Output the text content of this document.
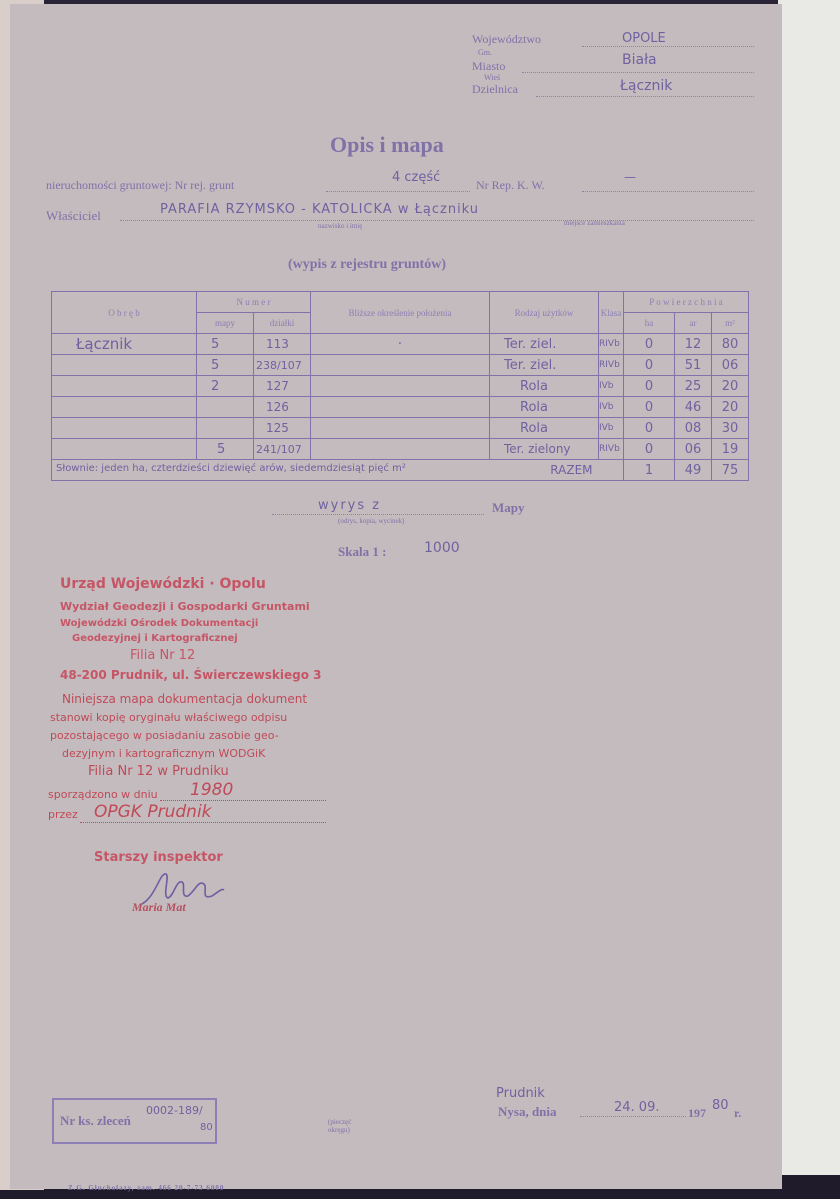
Województwo	OPOLE
Gm.
Miasto	Biała
Wieś
Dzielnica	Łącznik
Opis i mapa
nieruchomości gruntowej: Nr rej. grunt	4 część	Nr Rep. K. W.
—
Właściciel	PARAFIA RZYMSKO - KATOLICKA w Łączniku
nazwisko i imię	miejsce zamieszkania
(wypis z rejestru gruntów)
O b r ę b	N u m e r		Bliższe określenie położenia	Rodzaj użytków	Klasa	P o w i e r z c h n i a		
	mapy	działki				ha	ar	m²
Łącznik	5	113	·	Ter. ziel.	RIVb	0	12	80
	5	238/107		Ter. ziel.	RIVb	0	51	06
	2	127		Rola	IVb	0	25	20
		126		Rola	IVb	0	46	20
		125		Rola	IVb	0	08	30
	5	241/107		Ter. zielony	RIVb	0	06	19
Słownie: jeden ha, czterdzieści dziewięć arów, siedemdziesiąt pięć m² RAZEM						1	49	75
wyrys z
(odrys, kopia, wycinek)
Mapy
Skala 1 :	1000
Urząd Wojewódzki · Opolu
Wydział Geodezji i Gospodarki Gruntami
Wojewódzki Ośrodek Dokumentacji
Geodezyjnej i Kartograficznej
Filia Nr 12
48-200 Prudnik, ul. Świerczewskiego 3
Niniejsza mapa dokumentacja dokument
stanowi kopię oryginału właściwego odpisu
pozostającego w posiadaniu zasobie geo-
dezyjnym i kartograficznym WODGiK
Filia Nr 12 w Prudniku
sporządzono w dniu 1980
przez OPGK Prudnik
Starszy inspektor
Maria Mat
Prudnik
Nysa, dnia	24. 09. 197 80 r.
(pieczęć okręgu)
Z.G. Głuchołazy, zam. 466 20-7-73 6000
Nr ks. zleceń
0002-189/
80
